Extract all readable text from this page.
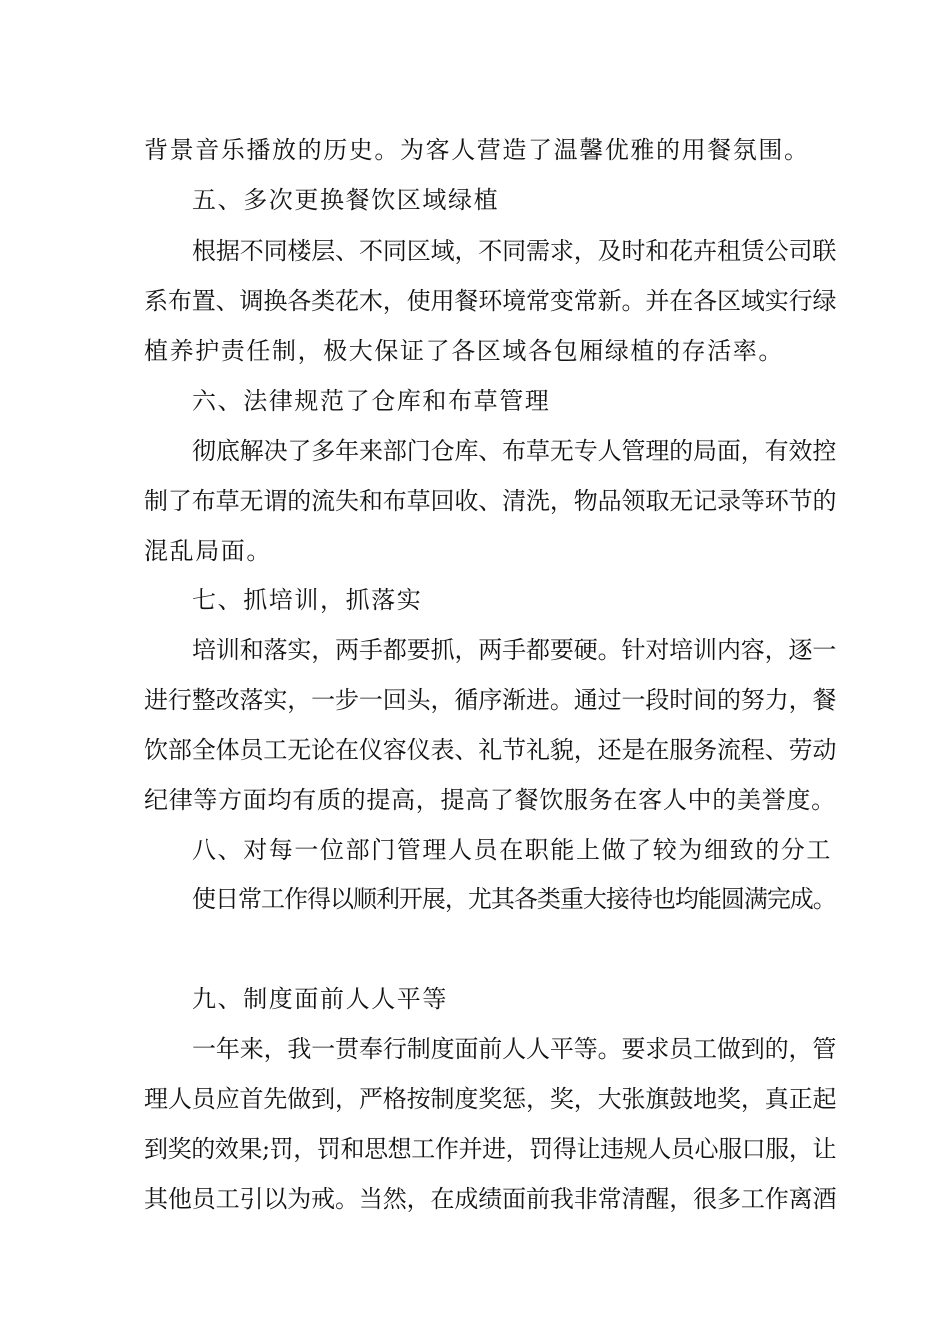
背景音乐播放的历史。为客人营造了温馨优雅的用餐氛围。
五、多次更换餐饮区域绿植
根据不同楼层、不同区域，不同需求，及时和花卉租赁公司联
系布置、调换各类花木，使用餐环境常变常新。并在各区域实行绿
植养护责任制，极大保证了各区域各包厢绿植的存活率。
六、法律规范了仓库和布草管理
彻底解决了多年来部门仓库、布草无专人管理的局面，有效控
制了布草无谓的流失和布草回收、清洗，物品领取无记录等环节的
混乱局面。
七、抓培训，抓落实
培训和落实，两手都要抓，两手都要硬。针对培训内容，逐一
进行整改落实，一步一回头，循序渐进。通过一段时间的努力，餐
饮部全体员工无论在仪容仪表、礼节礼貌，还是在服务流程、劳动
纪律等方面均有质的提高，提高了餐饮服务在客人中的美誉度。
八、对每一位部门管理人员在职能上做了较为细致的分工
使日常工作得以顺利开展，尤其各类重大接待也均能圆满完成。
九、制度面前人人平等
一年来，我一贯奉行制度面前人人平等。要求员工做到的，管
理人员应首先做到，严格按制度奖惩，奖，大张旗鼓地奖，真正起
到奖的效果;罚，罚和思想工作并进，罚得让违规人员心服口服，让
其他员工引以为戒。当然，在成绩面前我非常清醒，很多工作离酒
